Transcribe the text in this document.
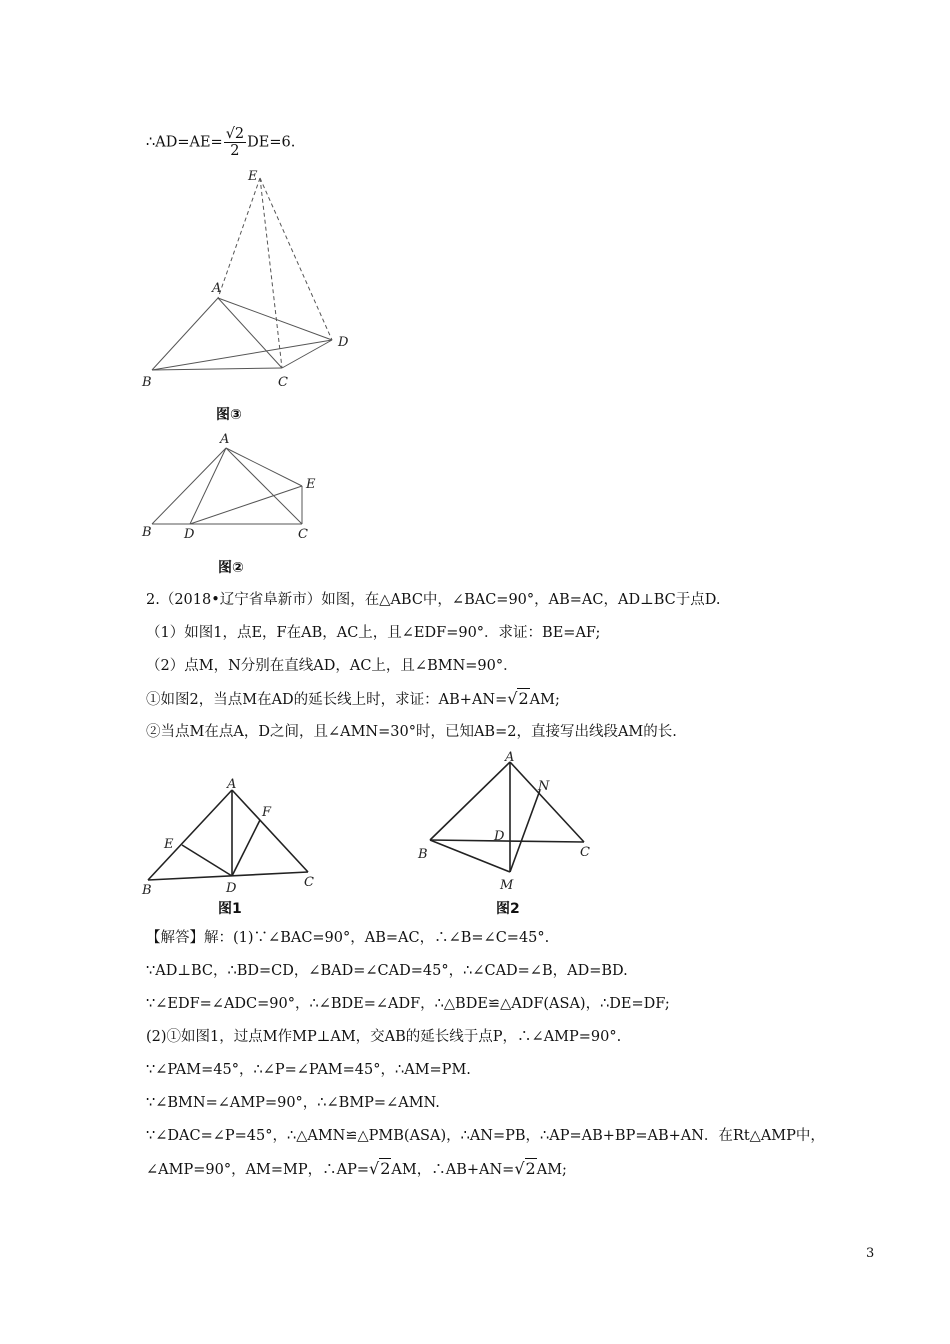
∴AD=AE= $\frac{√2}{2} DE=6$.
E
A
D
B	C
图③
A
E
B D	C
图②
2.（2018•辽宁省阜新市）如图，在△ABC中，∠BAC=90°，AB=AC，AD⊥BC于点D.
（1）如图1，点E，F在AB，AC上，且∠EDF=90°．求证：BE=AF;
（2）点M，N分别在直线AD，AC上，且∠BMN=90°．
①如图2，当点M在AD的延长线上时，求证：AB+AN=√2AM;
②当点M在点A，D之间，且∠AMN=30°时，已知AB=2，直接写出线段AM的长.
A
F
E
B	D	C
图1
A
N
D
B	C
M
图2
【解答】解：(1)∵∠BAC=90°，AB=AC，∴∠B=∠C=45°.
∵AD⊥BC，∴BD=CD，∠BAD=∠CAD=45°，∴∠CAD=∠B，AD=BD.
∵∠EDF=∠ADC=90°，∴∠BDE=∠ADF，∴△BDE≌△ADF(ASA)，∴DE=DF;
(2)①如图1，过点M作MP⊥AM，交AB的延长线于点P，∴∠AMP=90°.
∵∠PAM=45°，∴∠P=∠PAM=45°，∴AM=PM.
∵∠BMN=∠AMP=90°，∴∠BMP=∠AMN.
∵∠DAC=∠P=45°，∴△AMN≌△PMB(ASA)，∴AN=PB，∴AP=AB+BP=AB+AN．在Rt△AMP中，
∠AMP=90°，AM=MP，∴AP=√2AM，∴AB+AN=√2AM;
3
